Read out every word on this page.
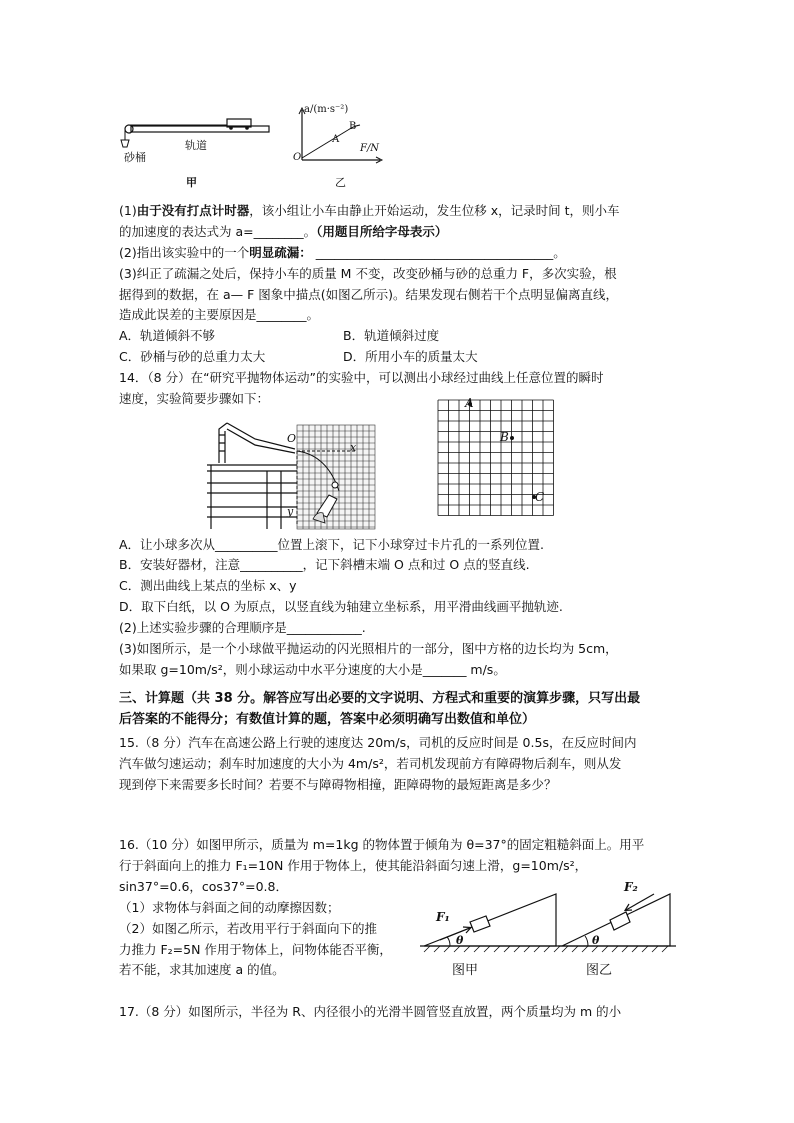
轨道
砂桶
甲
a/(m·s⁻²)
F/N
O
A
B
乙
(1)由于没有打点计时器，该小组让小车由静止开始运动，发生位移 x，记录时间 t，则小车
的加速度的表达式为 a=________。（用题目所给字母表示）
(2)指出该实验中的一个明显疏漏： ______________________________________。
(3)纠正了疏漏之处后，保持小车的质量 M 不变，改变砂桶与砂的总重力 F，多次实验，根
据得到的数据，在 a— F 图象中描点(如图乙所示)。结果发现右侧若干个点明显偏离直线，
造成此误差的主要原因是________。
A．轨道倾斜不够	B．轨道倾斜过度
C．砂桶与砂的总重力太大	D．所用小车的质量太大
14．（8 分）在“研究平抛物体运动”的实验中，可以测出小球经过曲线上任意位置的瞬时
速度，实验简要步骤如下：
O
x
y
A
B
C
A．让小球多次从__________位置上滚下，记下小球穿过卡片孔的一系列位置.
B．安装好器材，注意__________，记下斜槽末端 O 点和过 O 点的竖直线.
C．测出曲线上某点的坐标 x、y
D．取下白纸，以 O 为原点，以竖直线为轴建立坐标系，用平滑曲线画平抛轨迹.
(2)上述实验步骤的合理顺序是____________.
(3)如图所示，是一个小球做平抛运动的闪光照相片的一部分，图中方格的边长均为 5cm，
如果取 g=10m/s²，则小球运动中水平分速度的大小是_______ m/s。
三、计算题（共 38 分。解答应写出必要的文字说明、方程式和重要的演算步骤，只写出最
后答案的不能得分；有数值计算的题，答案中必须明确写出数值和单位）
15.（8 分）汽车在高速公路上行驶的速度达 20m/s，司机的反应时间是 0.5s，在反应时间内
汽车做匀速运动；刹车时加速度的大小为 4m/s²，若司机发现前方有障碍物后刹车，则从发
现到停下来需要多长时间？若要不与障碍物相撞，距障碍物的最短距离是多少？
16.（10 分）如图甲所示，质量为 m=1kg 的物体置于倾角为 θ=37°的固定粗糙斜面上。用平
行于斜面向上的推力 F₁=10N 作用于物体上，使其能沿斜面匀速上滑，g=10m/s²，
sin37°=0.6，cos37°=0.8．
（1）求物体与斜面之间的动摩擦因数；
（2）如图乙所示，若改用平行于斜面向下的推
力推力 F₂=5N 作用于物体上，问物体能否平衡，
若不能，求其加速度 a 的值。
F₁
θ
图甲
F₂
θ
图乙
17.（8 分）如图所示，半径为 R、内径很小的光滑半圆管竖直放置，两个质量均为 m 的小
